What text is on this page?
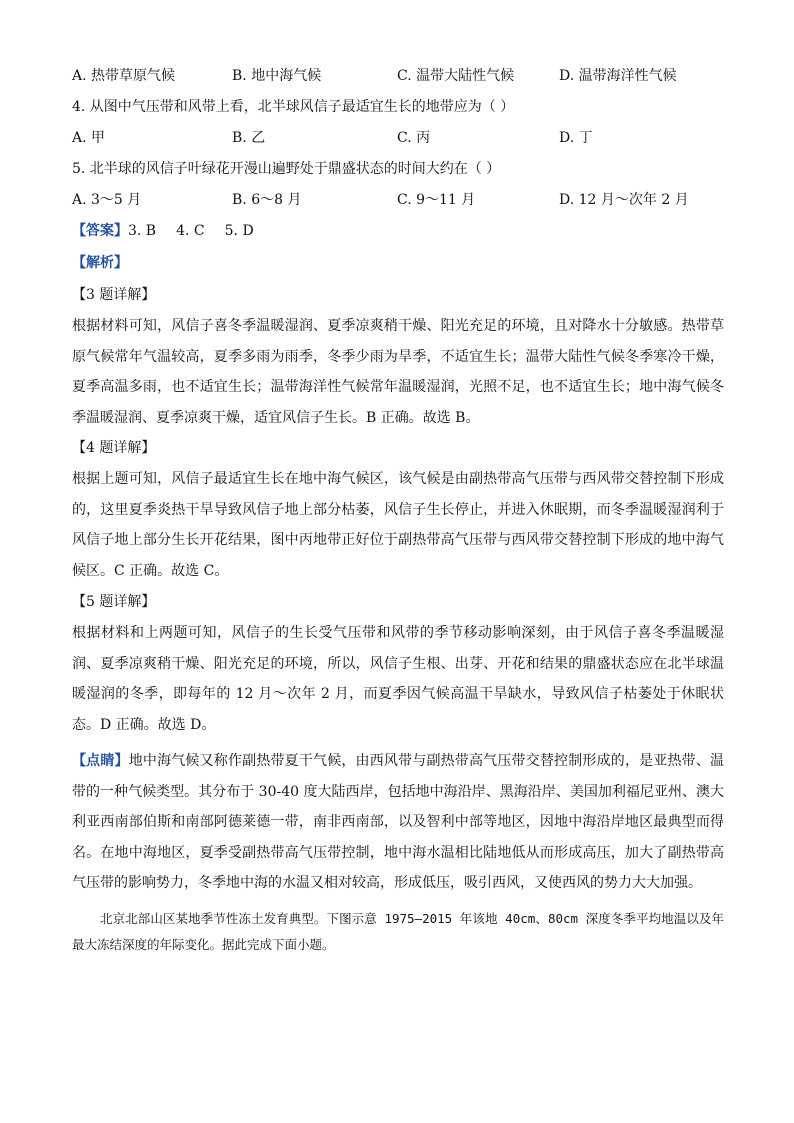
A. 热带草原气候	B. 地中海气候	C. 温带大陆性气候	D. 温带海洋性气候
4. 从图中气压带和风带上看，北半球风信子最适宜生长的地带应为（ ）
A. 甲	B. 乙	C. 丙	D. 丁
5. 北半球的风信子叶绿花开漫山遍野处于鼎盛状态的时间大约在（ ）
A. 3～5 月	B. 6～8 月	C. 9～11 月	D. 12 月～次年 2 月
【答案】3. B 4. C 5. D
【解析】
【3 题详解】
根据材料可知，风信子喜冬季温暖湿润、夏季凉爽稍干燥、阳光充足的环境，且对降水十分敏感。热带草原气候常年气温较高，夏季多雨为雨季，冬季少雨为旱季，不适宜生长；温带大陆性气候冬季寒冷干燥，夏季高温多雨，也不适宜生长；温带海洋性气候常年温暖湿润，光照不足，也不适宜生长；地中海气候冬季温暖湿润、夏季凉爽干燥，适宜风信子生长。B 正确。故选 B。
【4 题详解】
根据上题可知，风信子最适宜生长在地中海气候区，该气候是由副热带高气压带与西风带交替控制下形成的，这里夏季炎热干旱导致风信子地上部分枯萎，风信子生长停止，并进入休眠期，而冬季温暖湿润利于风信子地上部分生长开花结果，图中丙地带正好位于副热带高气压带与西风带交替控制下形成的地中海气候区。C 正确。故选 C。
【5 题详解】
根据材料和上两题可知，风信子的生长受气压带和风带的季节移动影响深刻，由于风信子喜冬季温暖湿润、夏季凉爽稍干燥、阳光充足的环境，所以，风信子生根、出芽、开花和结果的鼎盛状态应在北半球温暖湿润的冬季，即每年的 12 月～次年 2 月，而夏季因气候高温干旱缺水，导致风信子枯萎处于休眠状态。D 正确。故选 D。
【点睛】地中海气候又称作副热带夏干气候，由西风带与副热带高气压带交替控制形成的，是亚热带、温带的一种气候类型。其分布于 30-40 度大陆西岸，包括地中海沿岸、黑海沿岸、美国加利福尼亚州、澳大利亚西南部伯斯和南部阿德莱德一带，南非西南部，以及智利中部等地区，因地中海沿岸地区最典型而得名。在地中海地区，夏季受副热带高气压带控制，地中海水温相比陆地低从而形成高压，加大了副热带高气压带的影响势力，冬季地中海的水温又相对较高，形成低压，吸引西风，又使西风的势力大大加强。
北京北部山区某地季节性冻土发育典型。下图示意 1975—2015 年该地 40cm、80cm 深度冬季平均地温以及年最大冻结深度的年际变化。据此完成下面小题。
